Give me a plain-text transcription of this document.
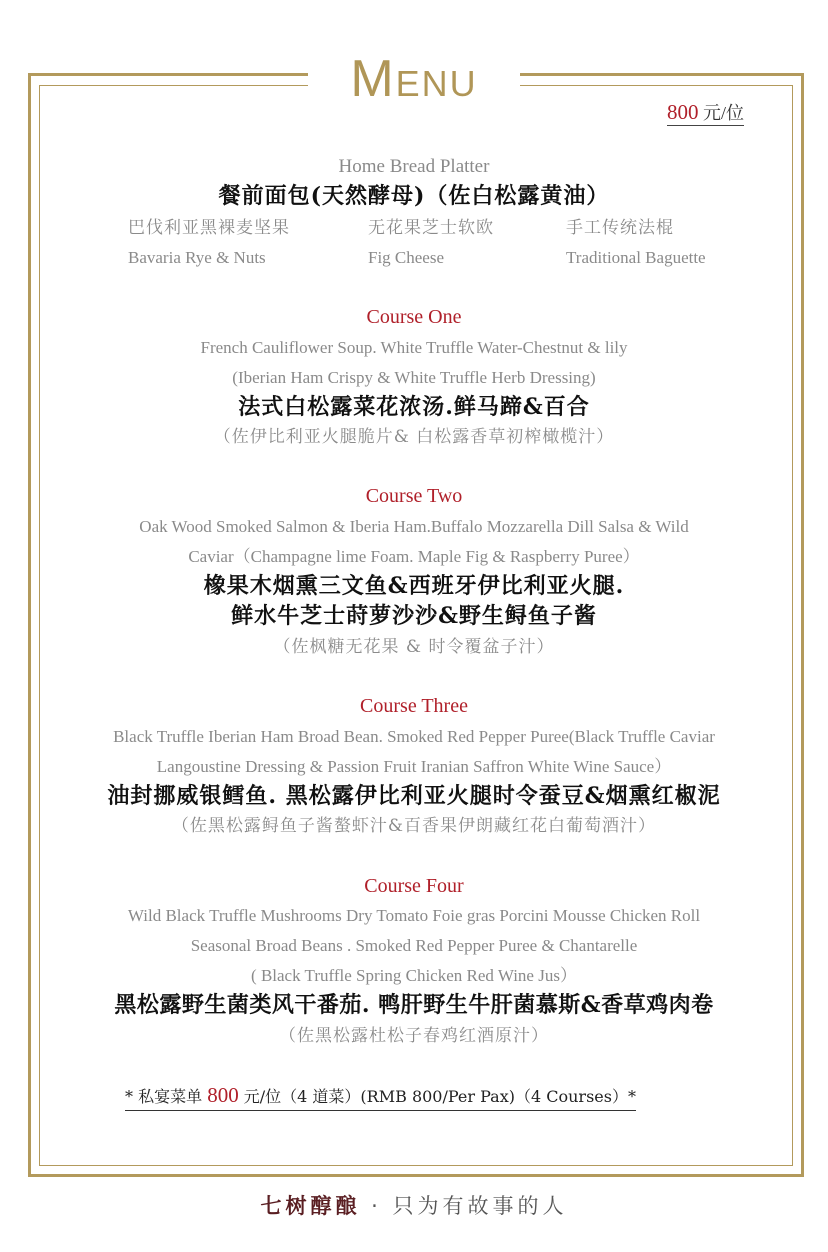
Menu
800 元/位
Home Bread Platter
餐前面包(天然酵母)（佐白松露黄油）
巴伐利亚黑裸麦坚果
Bavaria Rye & Nuts
无花果芝士软欧
Fig Cheese
手工传统法棍
Traditional Baguette
Course One
French Cauliflower Soup. White Truffle Water-Chestnut & lily
(Iberian Ham Crispy & White Truffle Herb Dressing)
法式白松露菜花浓汤.鲜马蹄&百合
（佐伊比利亚火腿脆片& 白松露香草初榨橄榄汁）
Course Two
Oak Wood Smoked Salmon & Iberia Ham.Buffalo Mozzarella Dill Salsa & Wild
Caviar（Champagne lime Foam. Maple Fig & Raspberry Puree）
橡果木烟熏三文鱼&西班牙伊比利亚火腿.
鲜水牛芝士莳萝沙沙&野生鲟鱼子酱
（佐枫糖无花果 & 时令覆盆子汁）
Course Three
Black Truffle Iberian Ham Broad Bean. Smoked Red Pepper Puree(Black Truffle Caviar
Langoustine Dressing & Passion Fruit Iranian Saffron White Wine Sauce）
油封挪威银鳕鱼. 黑松露伊比利亚火腿时令蚕豆&烟熏红椒泥
（佐黑松露鲟鱼子酱螯虾汁&百香果伊朗藏红花白葡萄酒汁）
Course Four
Wild Black Truffle Mushrooms Dry Tomato Foie gras Porcini Mousse Chicken Roll
Seasonal Broad Beans . Smoked Red Pepper Puree & Chantarelle
( Black Truffle Spring Chicken Red Wine Jus）
黑松露野生菌类风干番茄. 鸭肝野生牛肝菌慕斯&香草鸡肉卷
（佐黑松露杜松子春鸡红酒原汁）
* 私宴菜单 800 元/位（4 道菜）(RMB 800/Per Pax)（4 Courses）*
七树醇酿 · 只为有故事的人
